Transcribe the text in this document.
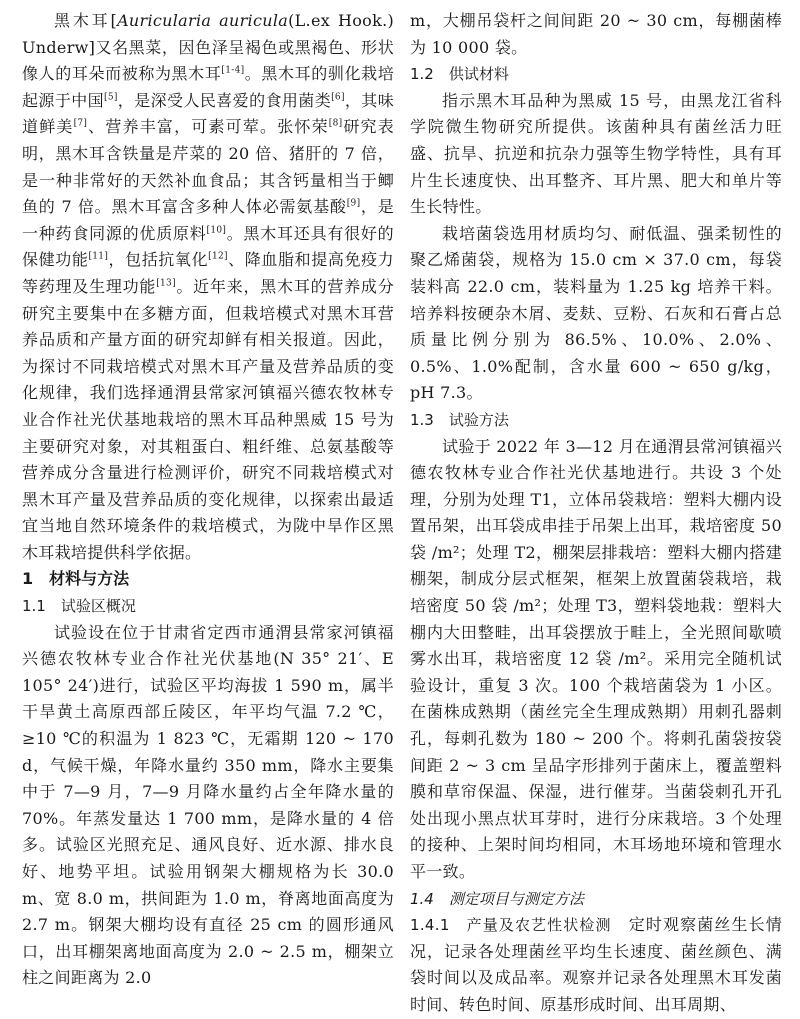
黑木耳[Auricularia auricula(L.ex Hook.) Underw]又名黑菜，因色泽呈褐色或黑褐色、形状像人的耳朵而被称为黑木耳[1-4]。黑木耳的驯化栽培起源于中国[5]，是深受人民喜爱的食用菌类[6]，其味道鲜美[7]、营养丰富，可素可荤。张怀荣[8]研究表明，黑木耳含铁量是芹菜的 20 倍、猪肝的 7 倍，是一种非常好的天然补血食品；其含钙量相当于鲫鱼的 7 倍。黑木耳富含多种人体必需氨基酸[9]，是一种药食同源的优质原料[10]。黑木耳还具有很好的保健功能[11]，包括抗氧化[12]、降血脂和提高免疫力等药理及生理功能[13]。近年来，黑木耳的营养成分研究主要集中在多糖方面，但栽培模式对黑木耳营养品质和产量方面的研究却鲜有相关报道。因此，为探讨不同栽培模式对黑木耳产量及营养品质的变化规律，我们选择通渭县常家河镇福兴德农牧林专业合作社光伏基地栽培的黑木耳品种黑威 15 号为主要研究对象，对其粗蛋白、粗纤维、总氨基酸等营养成分含量进行检测评价，研究不同栽培模式对黑木耳产量及营养品质的变化规律，以探索出最适宜当地自然环境条件的栽培模式，为陇中旱作区黑木耳栽培提供科学依据。

1　材料与方法
1.1　试验区概况

试验设在位于甘肃省定西市通渭县常家河镇福兴德农牧林专业合作社光伏基地(N 35° 21′、E 105° 24′)进行，试验区平均海拔 1 590 m，属半干旱黄土高原西部丘陵区，年平均气温 7.2 ℃，≥10 ℃的积温为 1 823 ℃，无霜期 120 ~ 170 d，气候干燥，年降水量约 350 mm，降水主要集中于 7—9 月，7—9 月降水量约占全年降水量的 70%。年蒸发量达 1 700 mm，是降水量的 4 倍多。试验区光照充足、通风良好、近水源、排水良好、地势平坦。试验用钢架大棚规格为长 30.0 m、宽 8.0 m，拱间距为 1.0 m，脊离地面高度为 2.7 m。钢架大棚均设有直径 25 cm 的圆形通风口，出耳棚架离地面高度为 2.0 ~ 2.5 m，棚架立柱之间距离为 2.0

m，大棚吊袋杆之间间距 20 ~ 30 cm，每棚菌棒为 10 000 袋。

1.2　供试材料

指示黑木耳品种为黑威 15 号，由黑龙江省科学院微生物研究所提供。该菌种具有菌丝活力旺盛、抗旱、抗逆和抗杂力强等生物学特性，具有耳片生长速度快、出耳整齐、耳片黑、肥大和单片等生长特性。

栽培菌袋选用材质均匀、耐低温、强柔韧性的聚乙烯菌袋，规格为 15.0 cm × 37.0 cm，每袋装料高 22.0 cm，装料量为 1.25 kg 培养干料。培养料按硬杂木屑、麦麸、豆粉、石灰和石膏占总质量比例分别为 86.5%、10.0%、2.0%、0.5%、1.0%配制，含水量 600 ~ 650 g/kg，pH 7.3。

1.3　试验方法

试验于 2022 年 3—12 月在通渭县常河镇福兴德农牧林专业合作社光伏基地进行。共设 3 个处理，分别为处理 T1，立体吊袋栽培：塑料大棚内设置吊架，出耳袋成串挂于吊架上出耳，栽培密度 50 袋 /m²；处理 T2，棚架层排栽培：塑料大棚内搭建棚架，制成分层式框架，框架上放置菌袋栽培，栽培密度 50 袋 /m²；处理 T3，塑料袋地栽：塑料大棚内大田整畦，出耳袋摆放于畦上，全光照间歇喷雾水出耳，栽培密度 12 袋 /m²。采用完全随机试验设计，重复 3 次。100 个栽培菌袋为 1 小区。在菌株成熟期（菌丝完全生理成熟期）用刺孔器刺孔，每刺孔数为 180 ~ 200 个。将刺孔菌袋按袋间距 2 ~ 3 cm 呈品字形排列于菌床上，覆盖塑料膜和草帘保温、保湿，进行催芽。当菌袋刺孔开孔处出现小黑点状耳芽时，进行分床栽培。3 个处理的接种、上架时间均相同，木耳场地环境和管理水平一致。

1.4　测定项目与测定方法

1.4.1　产量及农艺性状检测　 定时观察菌丝生长情况，记录各处理菌丝平均生长速度、菌丝颜色、满袋时间以及成品率。观察并记录各处理黑木耳发菌时间、转色时间、原基形成时间、出耳周期、
